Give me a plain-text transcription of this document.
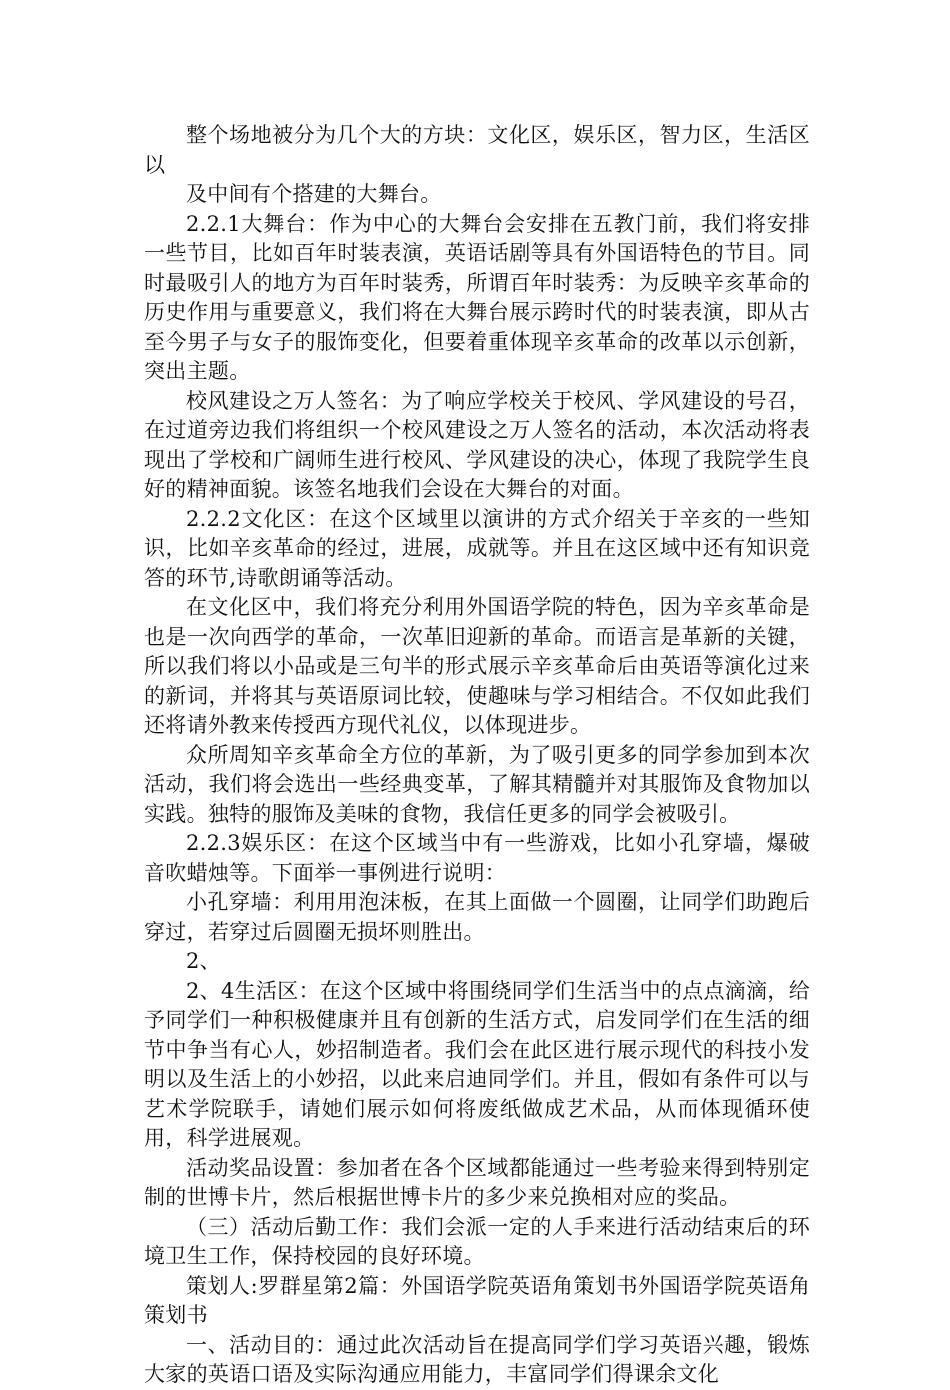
整个场地被分为几个大的方块：文化区，娱乐区，智力区，生活区以

及中间有个搭建的大舞台。

2.2.1大舞台：作为中心的大舞台会安排在五教门前，我们将安排一些节目，比如百年时装表演，英语话剧等具有外国语特色的节目。同时最吸引人的地方为百年时装秀，所谓百年时装秀：为反映辛亥革命的历史作用与重要意义，我们将在大舞台展示跨时代的时装表演，即从古至今男子与女子的服饰变化，但要着重体现辛亥革命的改革以示创新，突出主题。

校风建设之万人签名：为了响应学校关于校风、学风建设的号召，在过道旁边我们将组织一个校风建设之万人签名的活动，本次活动将表现出了学校和广阔师生进行校风、学风建设的决心，体现了我院学生良好的精神面貌。该签名地我们会设在大舞台的对面。

2.2.2文化区：在这个区域里以演讲的方式介绍关于辛亥的一些知识，比如辛亥革命的经过，进展，成就等。并且在这区域中还有知识竞答的环节,诗歌朗诵等活动。

在文化区中，我们将充分利用外国语学院的特色，因为辛亥革命是也是一次向西学的革命，一次革旧迎新的革命。而语言是革新的关键，所以我们将以小品或是三句半的形式展示辛亥革命后由英语等演化过来的新词，并将其与英语原词比较，使趣味与学习相结合。不仅如此我们还将请外教来传授西方现代礼仪，以体现进步。

众所周知辛亥革命全方位的革新，为了吸引更多的同学参加到本次活动，我们将会选出一些经典变革，了解其精髓并对其服饰及食物加以实践。独特的服饰及美味的食物，我信任更多的同学会被吸引。

2.2.3娱乐区：在这个区域当中有一些游戏，比如小孔穿墙，爆破音吹蜡烛等。下面举一事例进行说明：

小孔穿墙：利用用泡沫板，在其上面做一个圆圈，让同学们助跑后穿过，若穿过后圆圈无损坏则胜出。

2、

2、4生活区：在这个区域中将围绕同学们生活当中的点点滴滴，给予同学们一种积极健康并且有创新的生活方式，启发同学们在生活的细节中争当有心人，妙招制造者。我们会在此区进行展示现代的科技小发明以及生活上的小妙招，以此来启迪同学们。并且，假如有条件可以与艺术学院联手，请她们展示如何将废纸做成艺术品，从而体现循环使用，科学进展观。

活动奖品设置：参加者在各个区域都能通过一些考验来得到特别定制的世博卡片，然后根据世博卡片的多少来兑换相对应的奖品。

（三）活动后勤工作：我们会派一定的人手来进行活动结束后的环境卫生工作，保持校园的良好环境。

策划人:罗群星第2篇：外国语学院英语角策划书外国语学院英语角策划书

一、活动目的：通过此次活动旨在提高同学们学习英语兴趣，锻炼大家的英语口语及实际沟通应用能力，丰富同学们得课余文化
